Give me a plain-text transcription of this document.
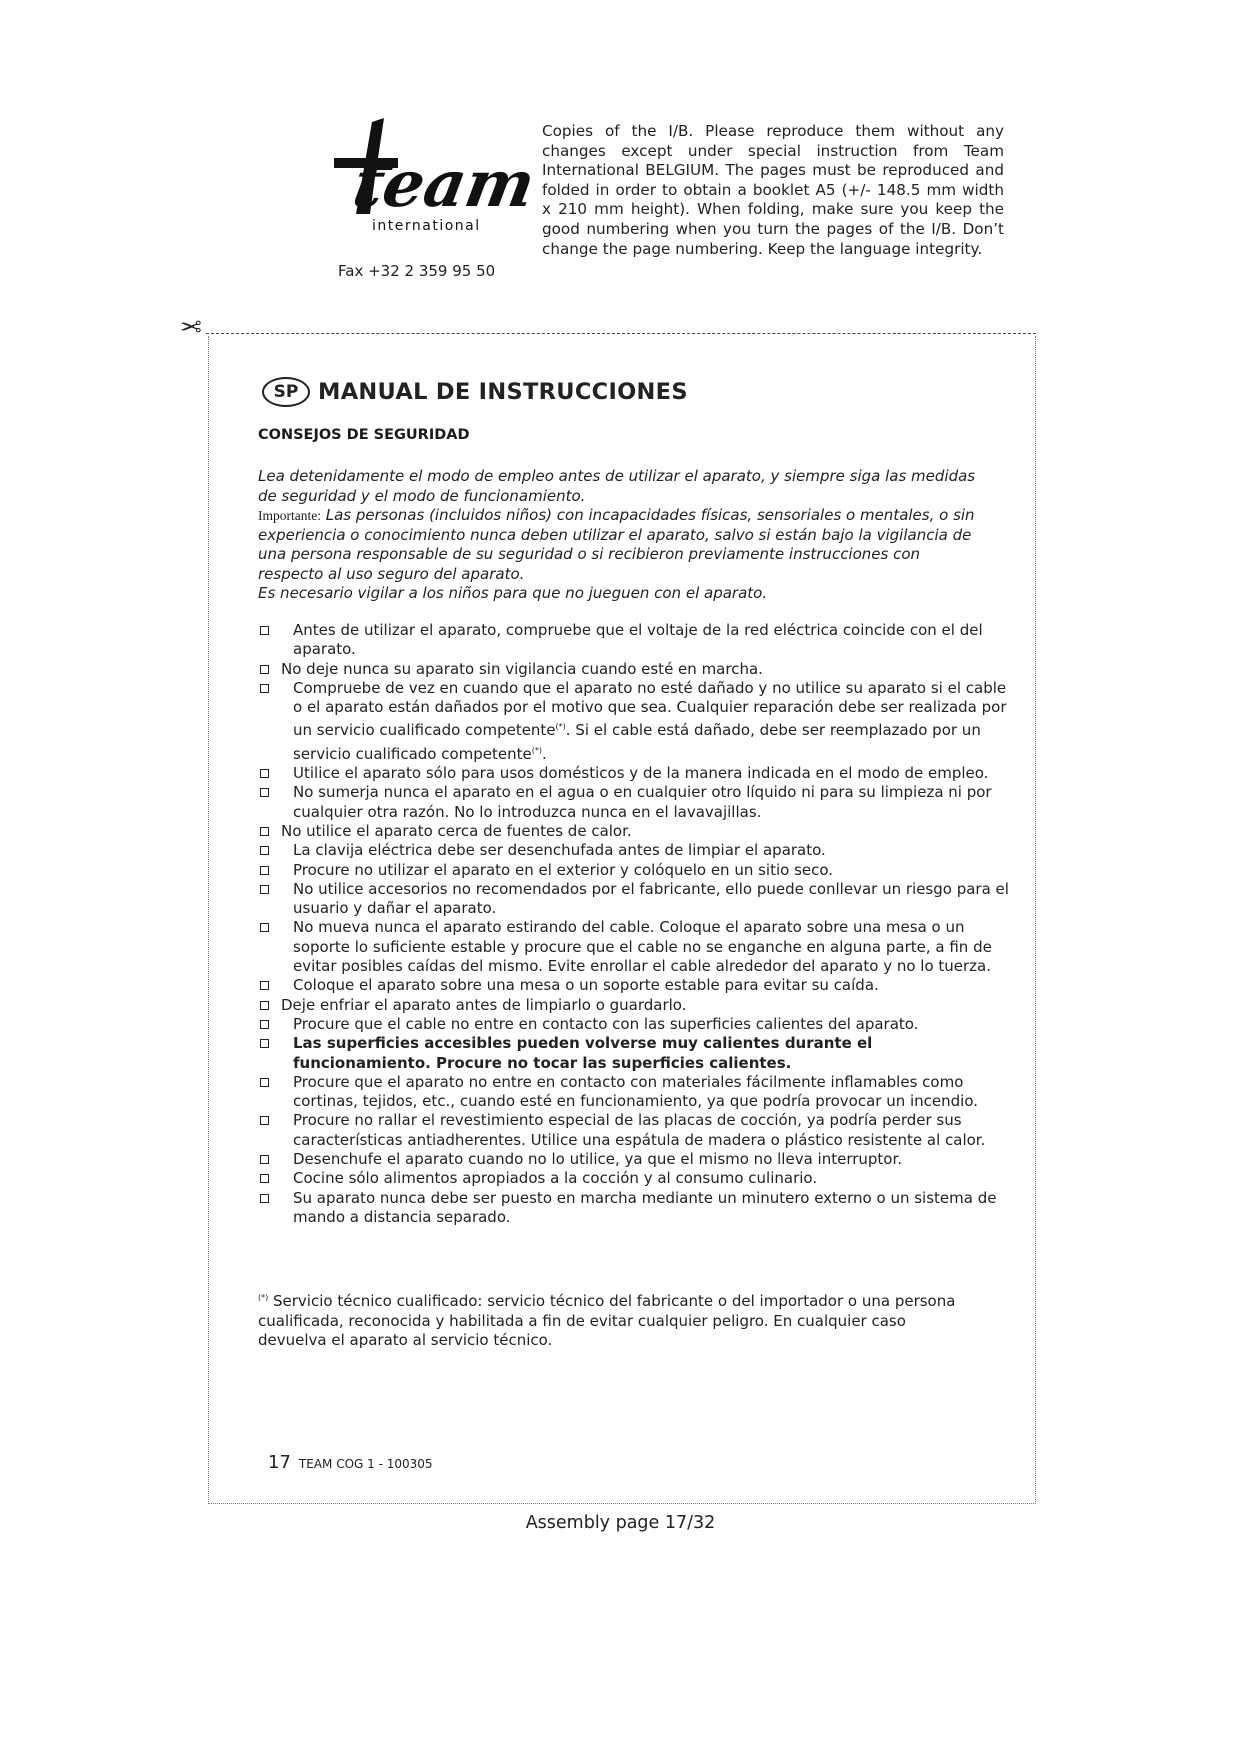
team
international
Fax +32 2 359 95 50
Copies of the I/B. Please reproduce them without any changes except under special instruction from Team International BELGIUM. The pages must be reproduced and folded in order to obtain a booklet A5 (+/- 148.5 mm width x 210 mm height). When folding, make sure you keep the good numbering when you turn the pages of the I/B. Don’t change the page numbering. Keep the language integrity.
✂
SP MANUAL DE INSTRUCCIONES
CONSEJOS DE SEGURIDAD
Lea detenidamente el modo de empleo antes de utilizar el aparato, y siempre siga las medidas de seguridad y el modo de funcionamiento.
Importante: Las personas (incluidos niños) con incapacidades físicas, sensoriales o mentales, o sin experiencia o conocimiento nunca deben utilizar el aparato, salvo si están bajo la vigilancia de una persona responsable de su seguridad o si recibieron previamente instrucciones con respecto al uso seguro del aparato.
Es necesario vigilar a los niños para que no jueguen con el aparato.
Antes de utilizar el aparato, compruebe que el voltaje de la red eléctrica coincide con el del aparato.
No deje nunca su aparato sin vigilancia cuando esté en marcha.
Compruebe de vez en cuando que el aparato no esté dañado y no utilice su aparato si el cable o el aparato están dañados por el motivo que sea. Cualquier reparación debe ser realizada por un servicio cualificado competente(*). Si el cable está dañado, debe ser reemplazado por un servicio cualificado competente(*).
Utilice el aparato sólo para usos domésticos y de la manera indicada en el modo de empleo.
No sumerja nunca el aparato en el agua o en cualquier otro líquido ni para su limpieza ni por cualquier otra razón. No lo introduzca nunca en el lavavajillas.
No utilice el aparato cerca de fuentes de calor.
La clavija eléctrica debe ser desenchufada antes de limpiar el aparato.
Procure no utilizar el aparato en el exterior y colóquelo en un sitio seco.
No utilice accesorios no recomendados por el fabricante, ello puede conllevar un riesgo para el usuario y dañar el aparato.
No mueva nunca el aparato estirando del cable. Coloque el aparato sobre una mesa o un soporte lo suficiente estable y procure que el cable no se enganche en alguna parte, a fin de evitar posibles caídas del mismo. Evite enrollar el cable alrededor del aparato y no lo tuerza.
Coloque el aparato sobre una mesa o un soporte estable para evitar su caída.
Deje enfriar el aparato antes de limpiarlo o guardarlo.
Procure que el cable no entre en contacto con las superficies calientes del aparato.
Las superficies accesibles pueden volverse muy calientes durante el funcionamiento. Procure no tocar las superficies calientes.
Procure que el aparato no entre en contacto con materiales fácilmente inflamables como cortinas, tejidos, etc., cuando esté en funcionamiento, ya que podría provocar un incendio.
Procure no rallar el revestimiento especial de las placas de cocción, ya podría perder sus características antiadherentes. Utilice una espátula de madera o plástico resistente al calor.
Desenchufe el aparato cuando no lo utilice, ya que el mismo no lleva interruptor.
Cocine sólo alimentos apropiados a la cocción y al consumo culinario.
Su aparato nunca debe ser puesto en marcha mediante un minutero externo o un sistema de mando a distancia separado.
(*) Servicio técnico cualificado: servicio técnico del fabricante o del importador o una persona cualificada, reconocida y habilitada a fin de evitar cualquier peligro. En cualquier caso devuelva el aparato al servicio técnico.
17 TEAM COG 1 - 100305
Assembly page 17/32
